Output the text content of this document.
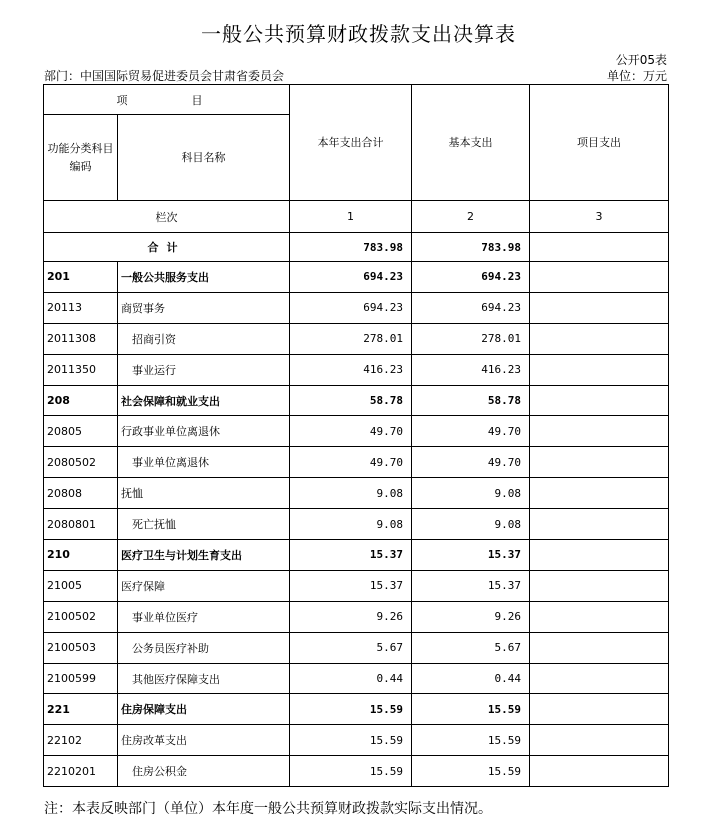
一般公共预算财政拨款支出决算表
公开05表
部门：中国国际贸易促进委员会甘肃省委员会	单位：万元
项　　目		本年支出合计	基本支出	项目支出
功能分类科目编码	科目名称			
栏次		1	2	3
合计		783.98	783.98	
201	一般公共服务支出	694.23	694.23	
20113	商贸事务	694.23	694.23	
2011308	招商引资	278.01	278.01	
2011350	事业运行	416.23	416.23	
208	社会保障和就业支出	58.78	58.78	
20805	行政事业单位离退休	49.70	49.70	
2080502	事业单位离退休	49.70	49.70	
20808	抚恤	9.08	9.08	
2080801	死亡抚恤	9.08	9.08	
210	医疗卫生与计划生育支出	15.37	15.37	
21005	医疗保障	15.37	15.37	
2100502	事业单位医疗	9.26	9.26	
2100503	公务员医疗补助	5.67	5.67	
2100599	其他医疗保障支出	0.44	0.44	
221	住房保障支出	15.59	15.59	
22102	住房改革支出	15.59	15.59	
2210201	住房公积金	15.59	15.59	
注：本表反映部门（单位）本年度一般公共预算财政拨款实际支出情况。
